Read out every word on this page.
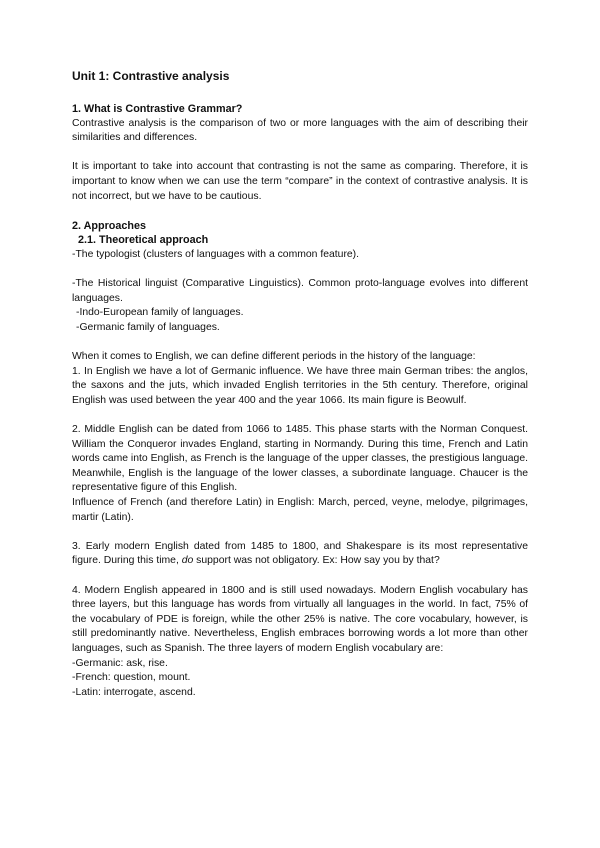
Unit 1: Contrastive analysis
1. What is Contrastive Grammar?

Contrastive analysis is the comparison of two or more languages with the aim of describing their similarities and differences.

It is important to take into account that contrasting is not the same as comparing. Therefore, it is important to know when we can use the term “compare” in the context of contrastive analysis. It is not incorrect, but we have to be cautious.

2. Approaches
2.1. Theoretical approach

-The typologist (clusters of languages with a common feature).

-The Historical linguist (Comparative Linguistics). Common proto-language evolves into different languages.

-Indo-European family of languages.

-Germanic family of languages.

When it comes to English, we can define different periods in the history of the language:

1. In English we have a lot of Germanic influence. We have three main German tribes: the anglos, the saxons and the juts, which invaded English territories in the 5th century. Therefore, original English was used between the year 400 and the year 1066. Its main figure is Beowulf.

2. Middle English can be dated from 1066 to 1485. This phase starts with the Norman Conquest. William the Conqueror invades England, starting in Normandy. During this time, French and Latin words came into English, as French is the language of the upper classes, the prestigious language. Meanwhile, English is the language of the lower classes, a subordinate language. Chaucer is the representative figure of this English.

Influence of French (and therefore Latin) in English: March, perced, veyne, melodye, pilgrimages, martir (Latin).

3. Early modern English dated from 1485 to 1800, and Shakespare is its most representative figure. During this time, do support was not obligatory. Ex: How say you by that?

4. Modern English appeared in 1800 and is still used nowadays. Modern English vocabulary has three layers, but this language has words from virtually all languages in the world. In fact, 75% of the vocabulary of PDE is foreign, while the other 25% is native. The core vocabulary, however, is still predominantly native. Nevertheless, English embraces borrowing words a lot more than other languages, such as Spanish. The three layers of modern English vocabulary are:

-Germanic: ask, rise.

-French: question, mount.

-Latin: interrogate, ascend.
